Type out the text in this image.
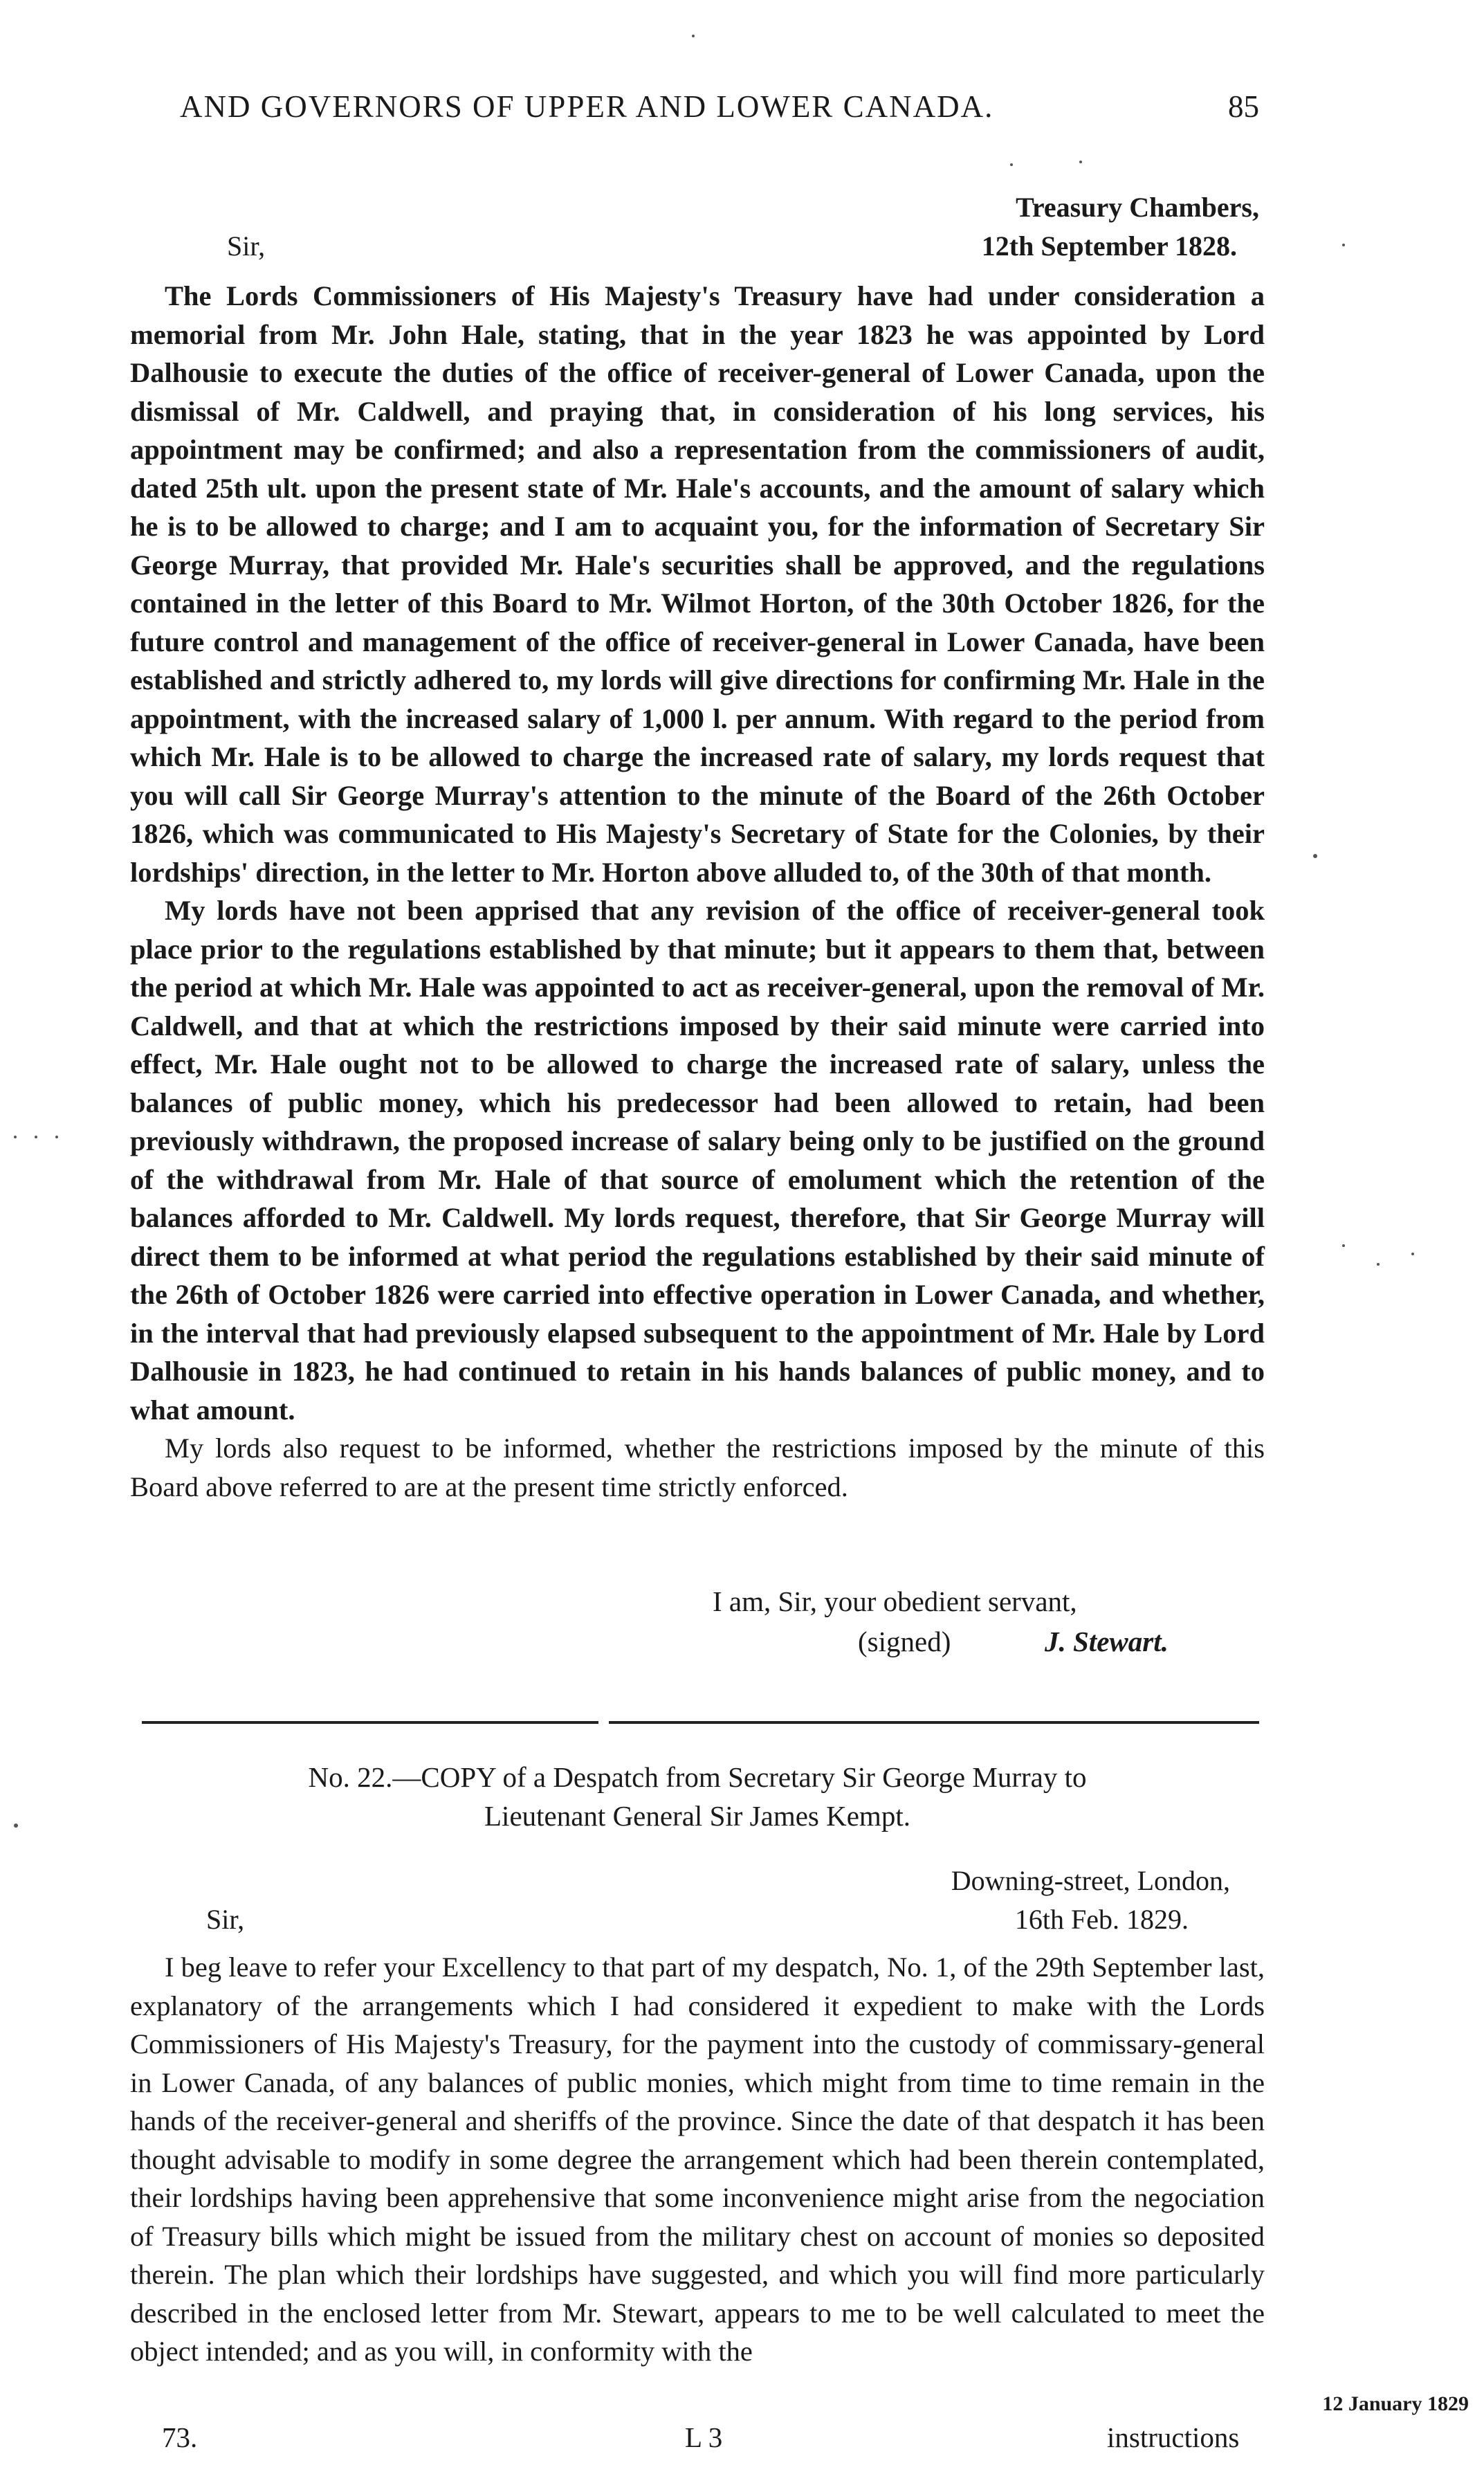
AND GOVERNORS OF UPPER AND LOWER CANADA.	85
Treasury Chambers,
Sir,	12th September 1828.

The Lords Commissioners of His Majesty's Treasury have had under consideration a memorial from Mr. John Hale, stating, that in the year 1823 he was appointed by Lord Dalhousie to execute the duties of the office of receiver-general of Lower Canada, upon the dismissal of Mr. Caldwell, and praying that, in consideration of his long services, his appointment may be confirmed; and also a representation from the commissioners of audit, dated 25th ult. upon the present state of Mr. Hale's accounts, and the amount of salary which he is to be allowed to charge; and I am to acquaint you, for the information of Secretary Sir George Murray, that provided Mr. Hale's securities shall be approved, and the regulations contained in the letter of this Board to Mr. Wilmot Horton, of the 30th October 1826, for the future control and management of the office of receiver-general in Lower Canada, have been established and strictly adhered to, my lords will give directions for confirming Mr. Hale in the appointment, with the increased salary of 1,000 l. per annum. With regard to the period from which Mr. Hale is to be allowed to charge the increased rate of salary, my lords request that you will call Sir George Murray's attention to the minute of the Board of the 26th October 1826, which was communicated to His Majesty's Secretary of State for the Colonies, by their lordships' direction, in the letter to Mr. Horton above alluded to, of the 30th of that month.

My lords have not been apprised that any revision of the office of receiver-general took place prior to the regulations established by that minute; but it appears to them that, between the period at which Mr. Hale was appointed to act as receiver-general, upon the removal of Mr. Caldwell, and that at which the restrictions imposed by their said minute were carried into effect, Mr. Hale ought not to be allowed to charge the increased rate of salary, unless the balances of public money, which his predecessor had been allowed to retain, had been previously withdrawn, the proposed increase of salary being only to be justified on the ground of the withdrawal from Mr. Hale of that source of emolument which the retention of the balances afforded to Mr. Caldwell. My lords request, therefore, that Sir George Murray will direct them to be informed at what period the regulations established by their said minute of the 26th of October 1826 were carried into effective operation in Lower Canada, and whether, in the interval that had previously elapsed subsequent to the appointment of Mr. Hale by Lord Dalhousie in 1823, he had continued to retain in his hands balances of public money, and to what amount.

My lords also request to be informed, whether the restrictions imposed by the minute of this Board above referred to are at the present time strictly enforced.

I am, Sir, your obedient servant,
(signed)	J. Stewart.
No. 22.—COPY of a Despatch from Secretary Sir George Murray to
Lieutenant General Sir James Kempt.
Downing-street, London,
Sir,	16th Feb. 1829.

I beg leave to refer your Excellency to that part of my despatch, No. 1, of the 29th September last, explanatory of the arrangements which I had considered it expedient to make with the Lords Commissioners of His Majesty's Treasury, for the payment into the custody of commissary-general in Lower Canada, of any balances of public monies, which might from time to time remain in the hands of the receiver-general and sheriffs of the province. Since the date of that despatch it has been thought advisable to modify in some degree the arrangement which had been therein contemplated, their lordships having been apprehensive that some inconvenience might arise from the negociation of Treasury bills which might be issued from the military chest on account of monies so deposited therein. The plan which their lordships have suggested, and which you will find more particularly described in the enclosed letter from Mr. Stewart, appears to me to be well calculated to meet the object intended; and as you will, in conformity with the

12 January 1829
73.	L 3	instructions
